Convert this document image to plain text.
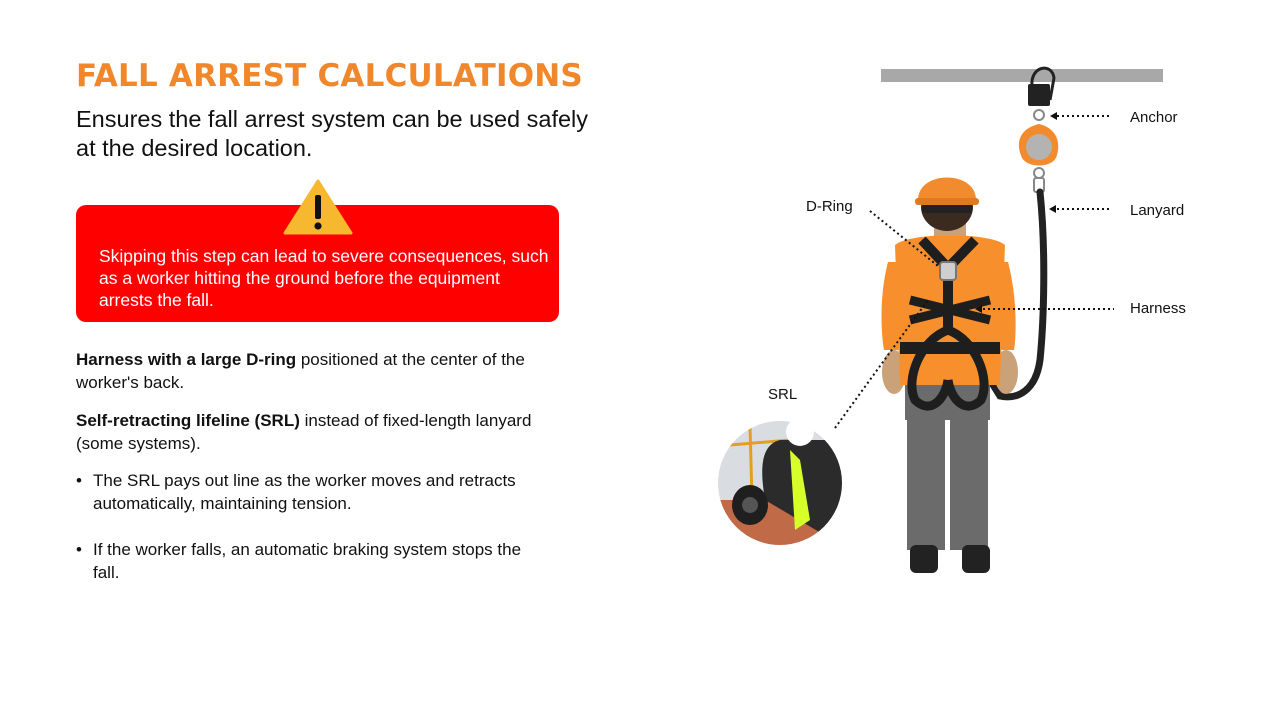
FALL ARREST CALCULATIONS

Ensures the fall arrest system can be used safely at the desired location.

Skipping this step can lead to severe consequences, such as a worker hitting the ground before the equipment arrests the fall.

Harness with a large D-ring positioned at the center of the worker's back.

Self-retracting lifeline (SRL) instead of fixed-length lanyard (some systems).

• The SRL pays out line as the worker moves and retracts automatically, maintaining tension.
• If the worker falls, an automatic braking system stops the fall.
Anchor
Lanyard
Harness
D-Ring
SRL
